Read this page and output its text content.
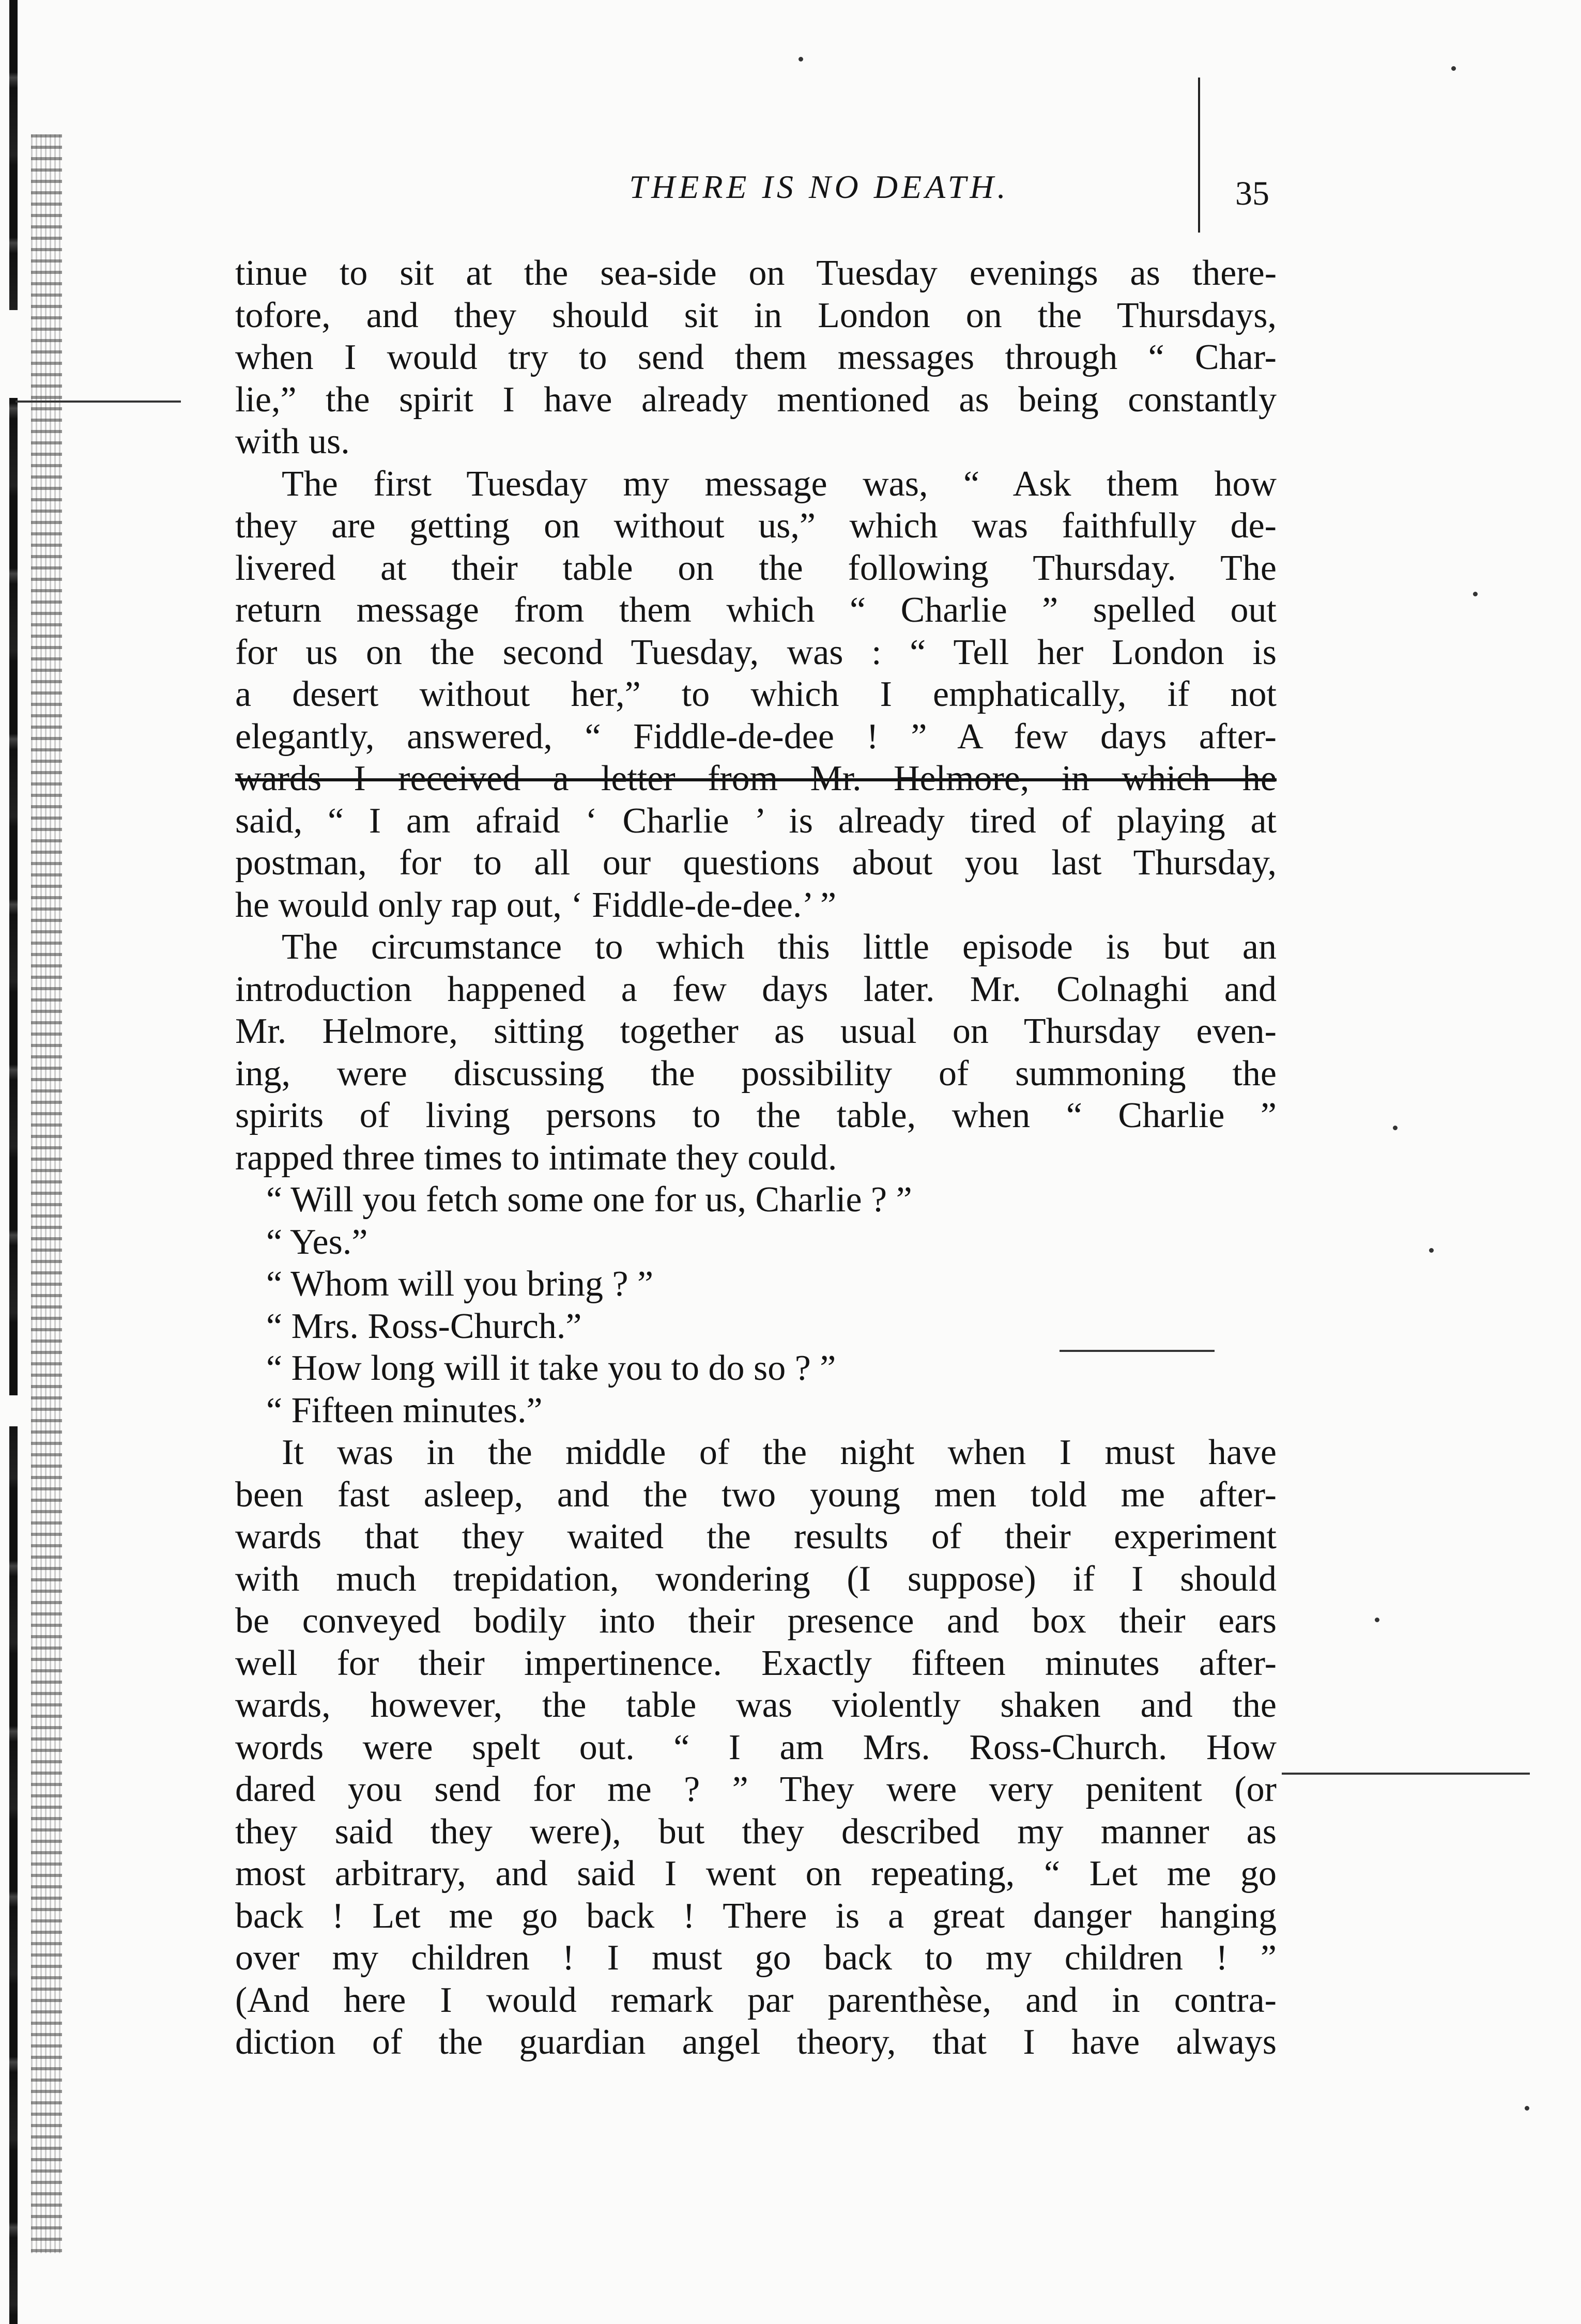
THERE IS NO DEATH.	35
tinue to sit at the sea-side on Tuesday evenings as there-
tofore, and they should sit in London on the Thursdays,
when I would try to send them messages through “ Char-
lie,” the spirit I have already mentioned as being constantly
with us.
The first Tuesday my message was, “ Ask them how
they are getting on without us,” which was faithfully de-
livered at their table on the following Thursday. The
return message from them which “ Charlie ” spelled out
for us on the second Tuesday, was : “ Tell her London is
a desert without her,” to which I emphatically, if not
elegantly, answered, “ Fiddle-de-dee ! ” A few days after-
wards I received a letter from Mr. Helmore, in which he
said, “ I am afraid ‘ Charlie ’ is already tired of playing at
postman, for to all our questions about you last Thursday,
he would only rap out, ‘ Fiddle-de-dee.’ ”
The circumstance to which this little episode is but an
introduction happened a few days later. Mr. Colnaghi and
Mr. Helmore, sitting together as usual on Thursday even-
ing, were discussing the possibility of summoning the
spirits of living persons to the table, when “ Charlie ”
rapped three times to intimate they could.
“ Will you fetch some one for us, Charlie ? ”
“ Yes.”
“ Whom will you bring ? ”
“ Mrs. Ross-Church.”
“ How long will it take you to do so ? ”
“ Fifteen minutes.”
It was in the middle of the night when I must have
been fast asleep, and the two young men told me after-
wards that they waited the results of their experiment
with much trepidation, wondering (I suppose) if I should
be conveyed bodily into their presence and box their ears
well for their impertinence. Exactly fifteen minutes after-
wards, however, the table was violently shaken and the
words were spelt out. “ I am Mrs. Ross-Church. How
dared you send for me ? ” They were very penitent (or
they said they were), but they described my manner as
most arbitrary, and said I went on repeating, “ Let me go
back ! Let me go back ! There is a great danger hanging
over my children ! I must go back to my children ! ”
(And here I would remark par parenthèse, and in contra-
diction of the guardian angel theory, that I have always
